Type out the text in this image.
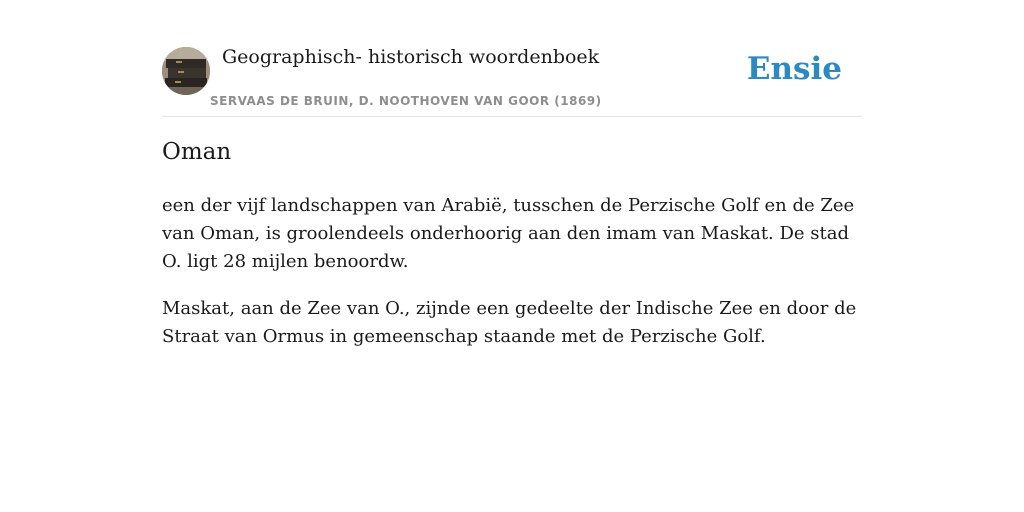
Geographisch- historisch woordenboek
SERVAAS DE BRUIN, D. NOOTHOVEN VAN GOOR (1869)
Ensie
Oman

een der vijf landschappen van Arabië, tusschen de Perzische Golf en de Zee van Oman, is groolendeels onderhoorig aan den imam van Maskat. De stad O. ligt 28 mijlen benoordw.

Maskat, aan de Zee van O., zijnde een gedeelte der Indische Zee en door de Straat van Ormus in gemeenschap staande met de Perzische Golf.
